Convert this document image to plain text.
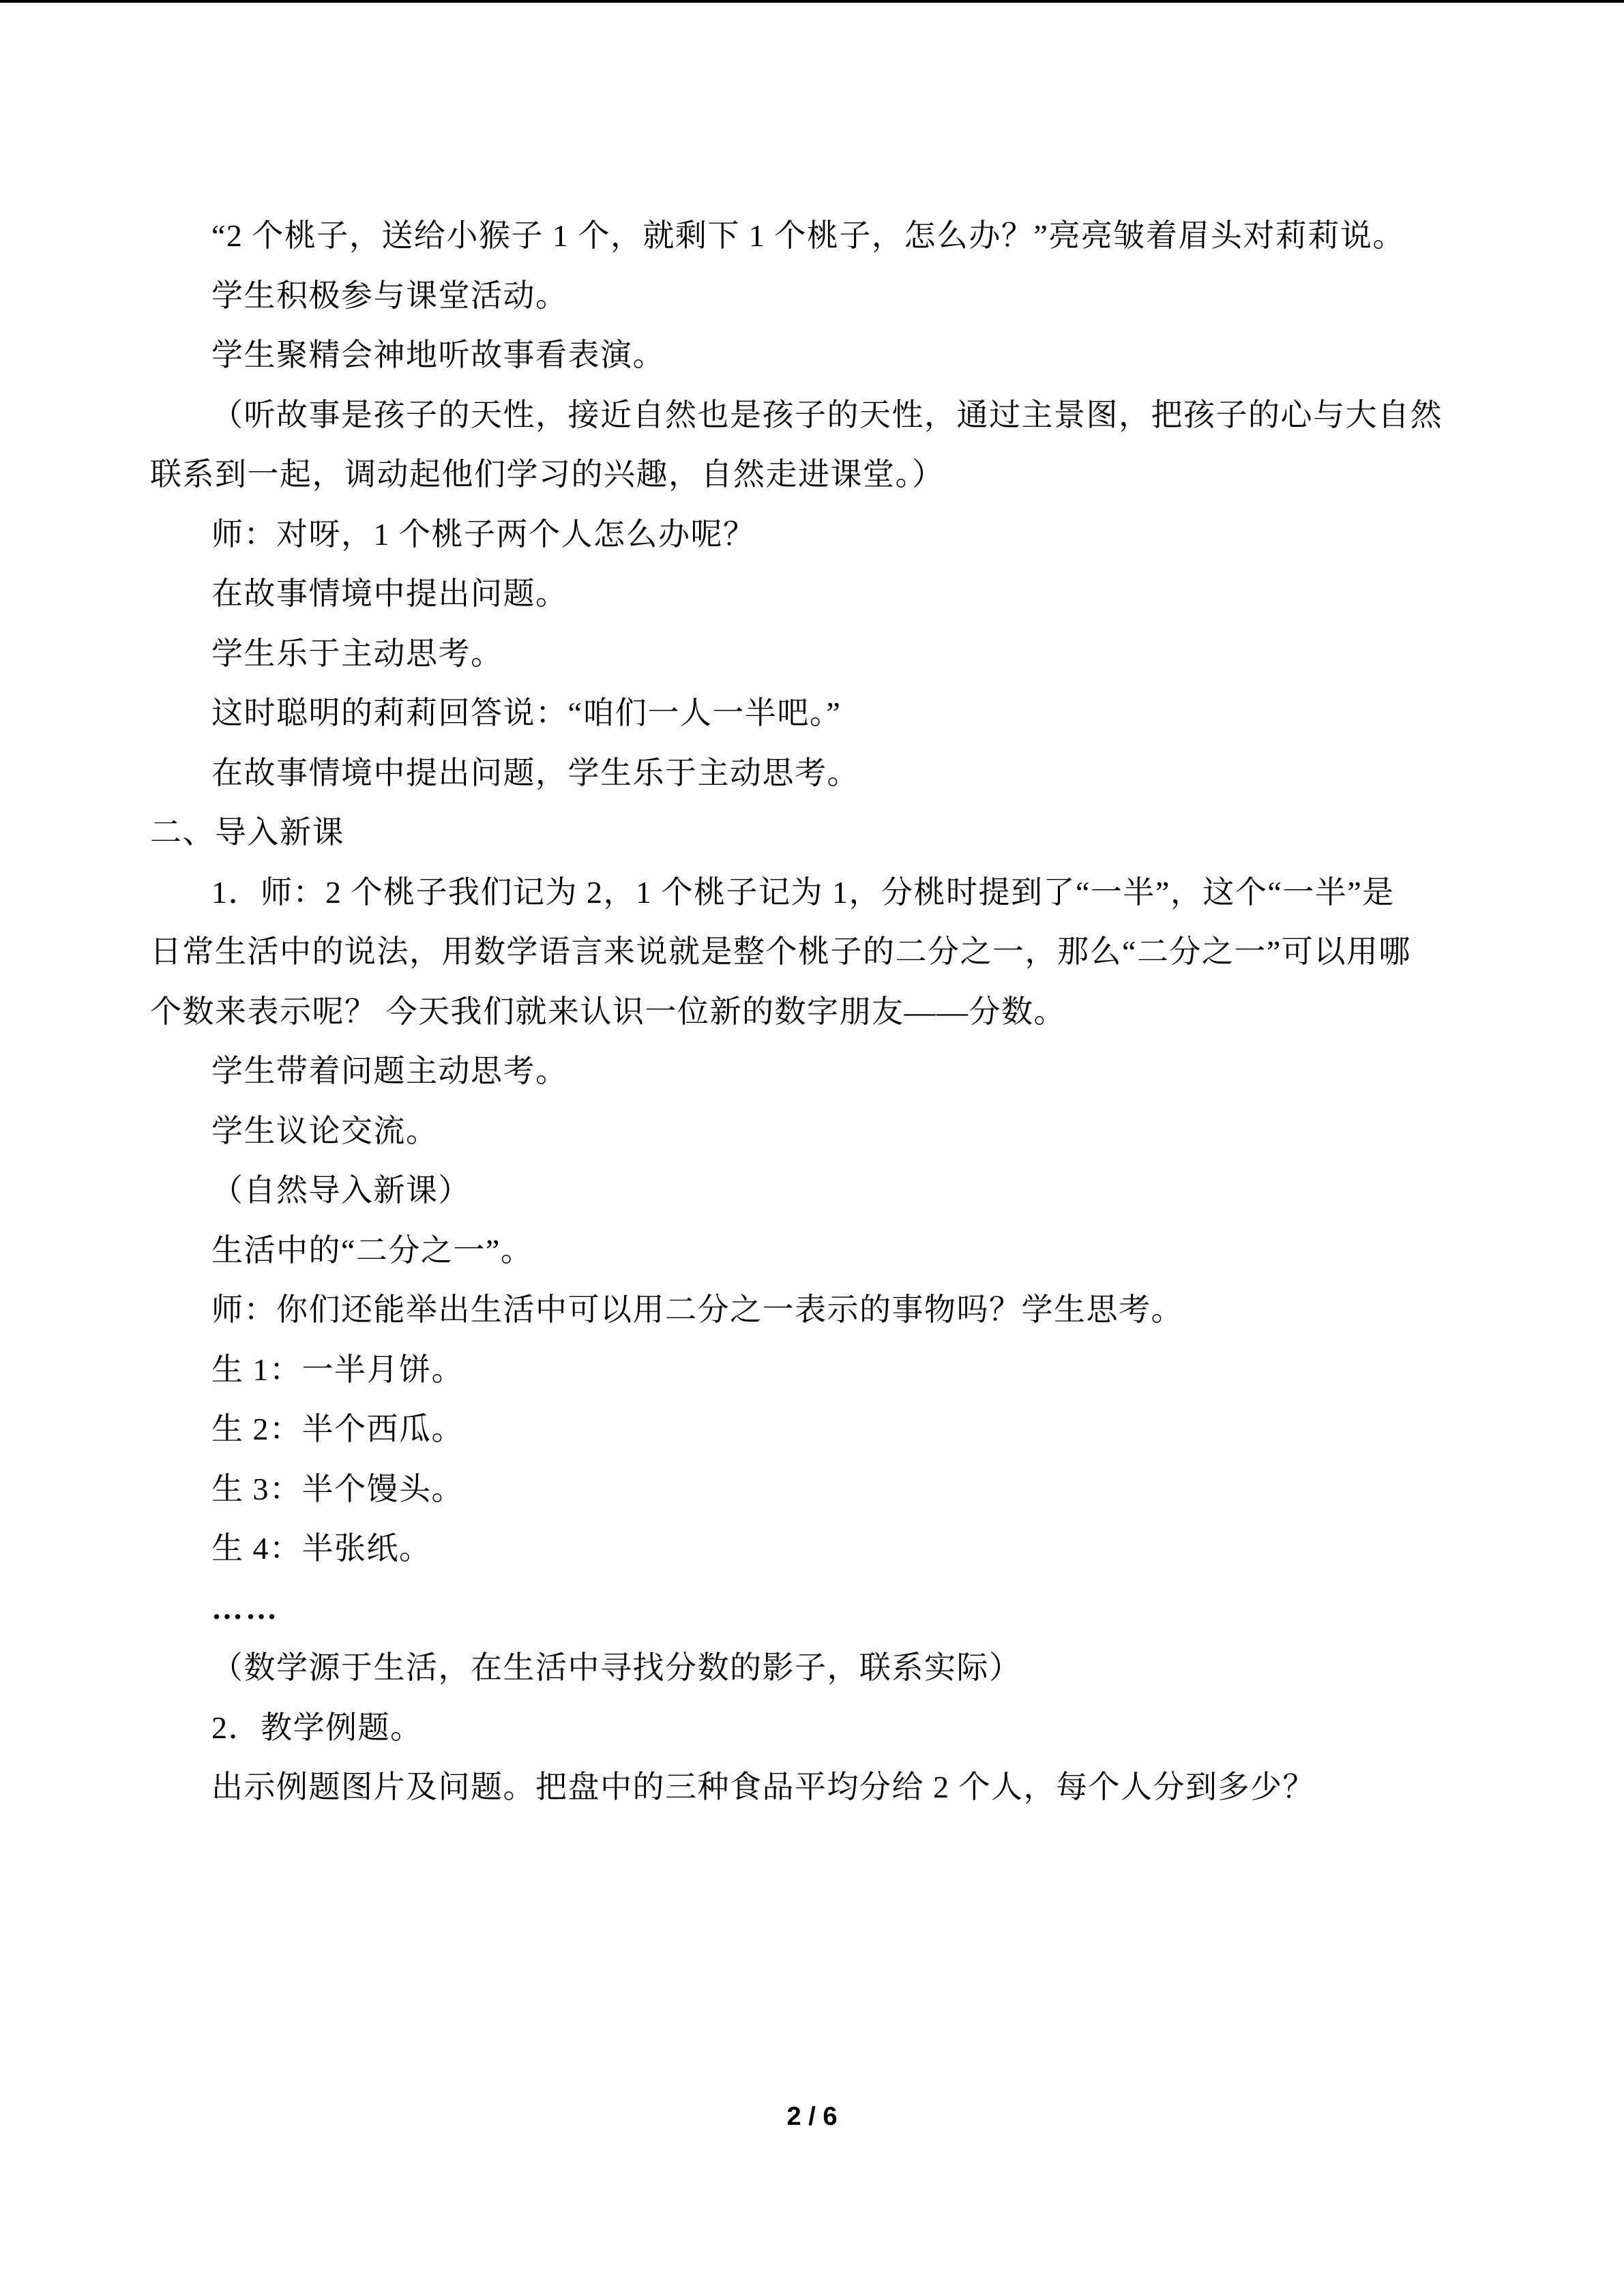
“2 个桃子，送给小猴子 1 个，就剩下 1 个桃子，怎么办？”亮亮皱着眉头对莉莉说。
学生积极参与课堂活动。
学生聚精会神地听故事看表演。
（听故事是孩子的天性，接近自然也是孩子的天性，通过主景图，把孩子的心与大自然
联系到一起，调动起他们学习的兴趣，自然走进课堂。）
师：对呀，1 个桃子两个人怎么办呢？
在故事情境中提出问题。
学生乐于主动思考。
这时聪明的莉莉回答说：“咱们一人一半吧。”
在故事情境中提出问题，学生乐于主动思考。
二、导入新课
1．师：2 个桃子我们记为 2，1 个桃子记为 1，分桃时提到了“一半”，这个“一半”是
日常生活中的说法，用数学语言来说就是整个桃子的二分之一，那么“二分之一”可以用哪
个数来表示呢？ 今天我们就来认识一位新的数字朋友——分数。
学生带着问题主动思考。
学生议论交流。
（自然导入新课）
生活中的“二分之一”。
师：你们还能举出生活中可以用二分之一表示的事物吗？学生思考。
生 1：一半月饼。
生 2：半个西瓜。
生 3：半个馒头。
生 4：半张纸。
……
（数学源于生活，在生活中寻找分数的影子，联系实际）
2．教学例题。
出示例题图片及问题。把盘中的三种食品平均分给 2 个人，每个人分到多少？
2 / 6
